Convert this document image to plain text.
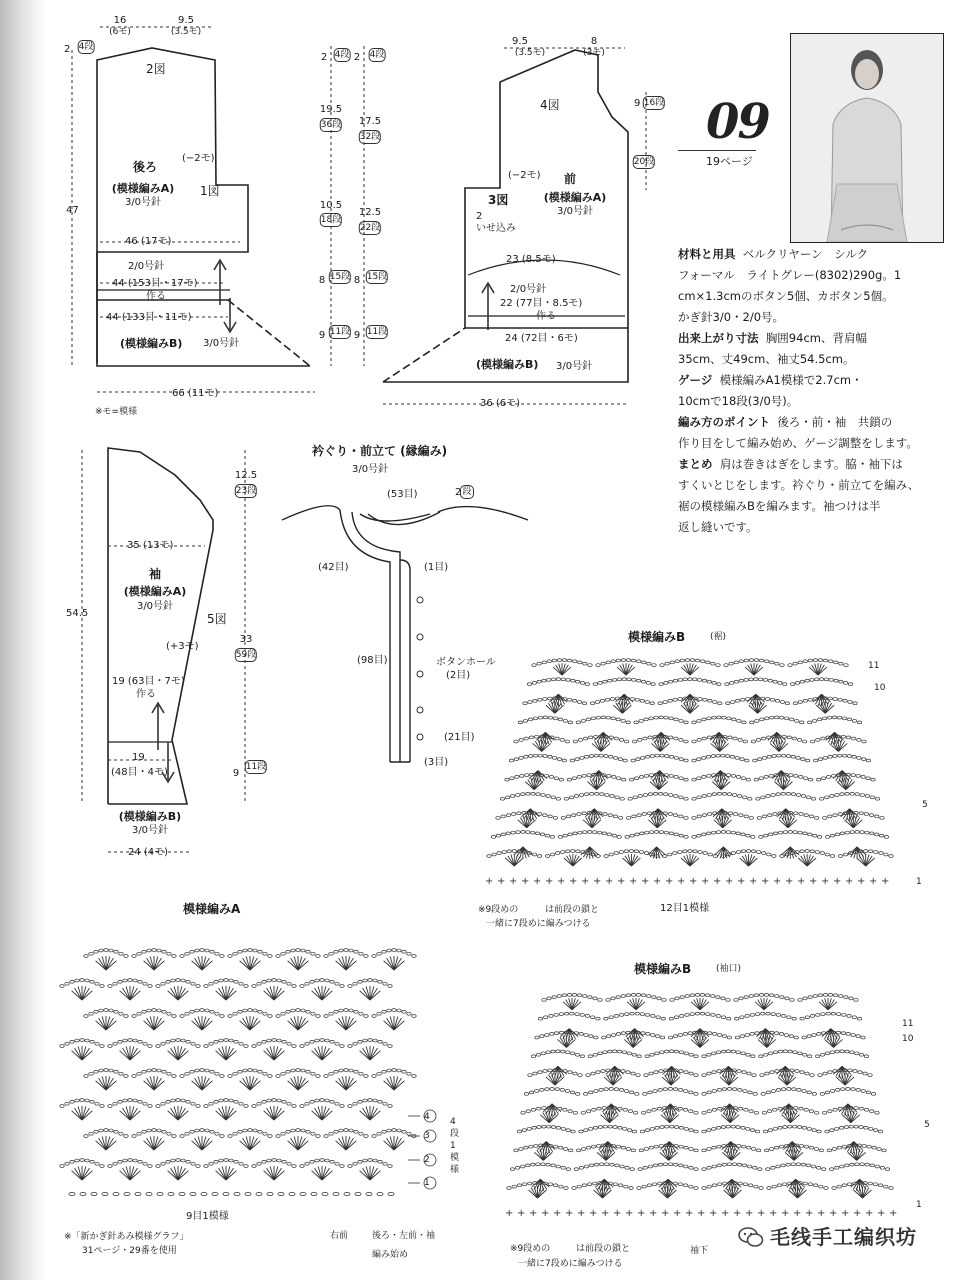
+ + + + + + + + + + + + + + + + + + + + + + + + + + + + + + + + + +
+ + + + + + + + + + + + + + + + + + + + + + + + + + + + + + + + +
16
(6モ)
9.5
(3.5モ)
2 4段
2図
47
後ろ
(−2モ)
1図
(模様編みA)
3/0号針
46 (17モ)
2/0号針
44 (153目・17モ)
作る
44 (133目・11モ)
(模様編みB) 3/0号針
66 (11モ)
※モ=模様
2 4段
19.5
36段
10.5
18段
8 15段
9 11段
2 4段
17.5
32段
12.5
22段
8 15段
9 11段
9.5
(3.5モ)
8
(3モ)
4図	9 16段
20段
(−2モ) 前
3図	(模様編みA)
3/0号針
2
いせ込み
23 (8.5モ)
2/0号針
22 (77目・8.5モ)
作る
24 (72目・6モ)
(模様編みB) 3/0号針
36 (6モ)
09
19ページ
材料と用具 ベルクリヤーン　シルク
フォーマル　ライトグレー(8302)290g。1
cm×1.3cmのボタン5個、カボタン5個。
かぎ針3/0・2/0号。
出来上がり寸法 胸囲94cm、背肩幅
35cm、丈49cm、袖丈54.5cm。
ゲージ 模様編みA1模様で2.7cm・
10cmで18段(3/0号)。
編み方のポイント 後ろ・前・袖　共鎖の
作り目をして編み始め、ゲージ調整をします。
まとめ 肩は巻きはぎをします。脇・袖下は
すくいとじをします。衿ぐり・前立てを編み、
裾の模様編みBを編みます。袖つけは半
返し縫いです。
12.5
23段
33
59段
9
11段
35 (13モ)
54.5
袖
(模様編みA)
3/0号針
5図
(+3モ)
19 (63目・7モ)
作る
19
(48目・4モ)
(模様編みB)
3/0号針
24 (4モ)
衿ぐり・前立て (縁編み)
3/0号針
(53目)	2 段
(42目)	(1目)
(98目)	ボタンホール
(2目)
(21目)
(3目)
模様編みA
9目1模様
4
3
2
1
4段1模様
※「新かぎ針あみ模様グラフ」
31ページ・29番を使用
右前	後ろ・左前・袖
編み始め
模様編みB	(裾)
11
10
5
1
12目1模様
※9段めの	は前段の鎖と
一緒に7段めに編みつける
模様編みB	(袖口)
11
10
5
1
袖下
※9段めの	は前段の鎖と
一緒に7段めに編みつける
毛线手工编织坊
